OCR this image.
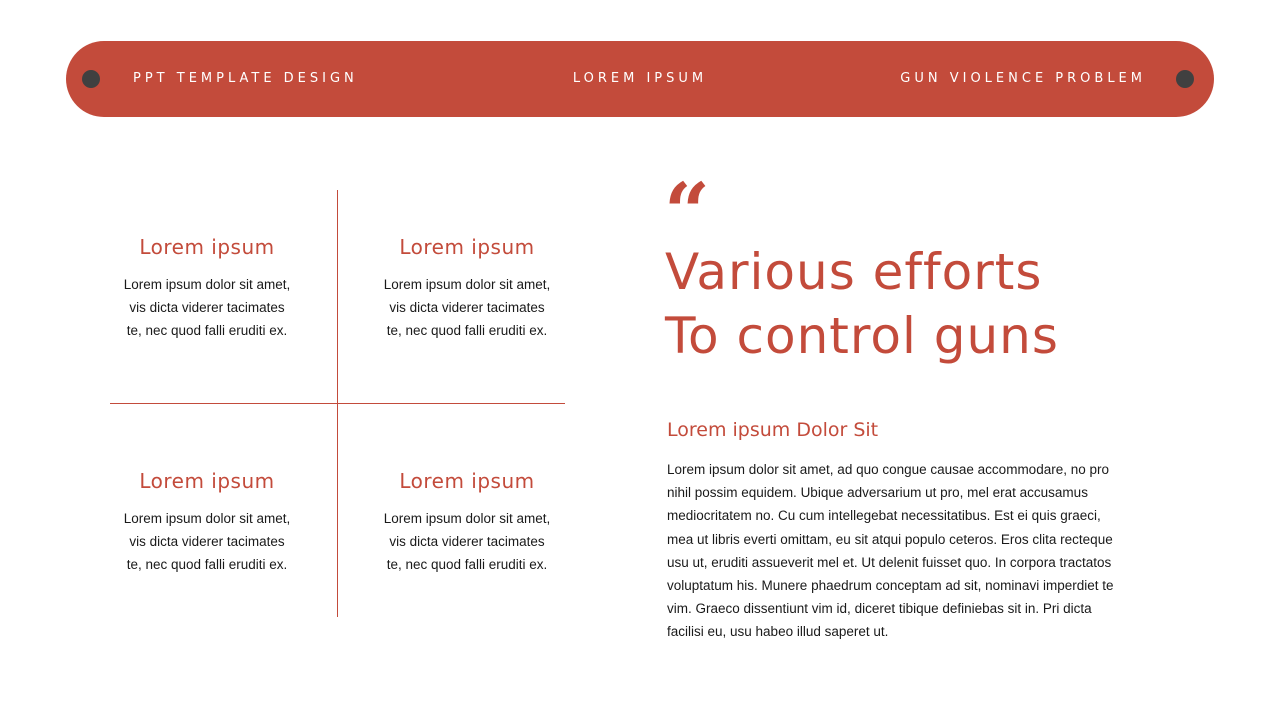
PPT TEMPLATE DESIGN	LOREM IPSUM	GUN VIOLENCE PROBLEM
Lorem ipsum
Lorem ipsum dolor sit amet,
vis dicta viderer tacimates
te, nec quod falli eruditi ex.
Lorem ipsum
Lorem ipsum dolor sit amet,
vis dicta viderer tacimates
te, nec quod falli eruditi ex.
Lorem ipsum
Lorem ipsum dolor sit amet,
vis dicta viderer tacimates
te, nec quod falli eruditi ex.
Lorem ipsum
Lorem ipsum dolor sit amet,
vis dicta viderer tacimates
te, nec quod falli eruditi ex.
“
Various efforts
To control guns
Lorem ipsum Dolor Sit
Lorem ipsum dolor sit amet, ad quo congue causae accommodare, no pro
nihil possim equidem. Ubique adversarium ut pro, mel erat accusamus
mediocritatem no. Cu cum intellegebat necessitatibus. Est ei quis graeci,
mea ut libris everti omittam, eu sit atqui populo ceteros. Eros clita recteque
usu ut, eruditi assueverit mel et. Ut delenit fuisset quo. In corpora tractatos
voluptatum his. Munere phaedrum conceptam ad sit, nominavi imperdiet te
vim. Graeco dissentiunt vim id, diceret tibique definiebas sit in. Pri dicta
facilisi eu, usu habeo illud saperet ut.
